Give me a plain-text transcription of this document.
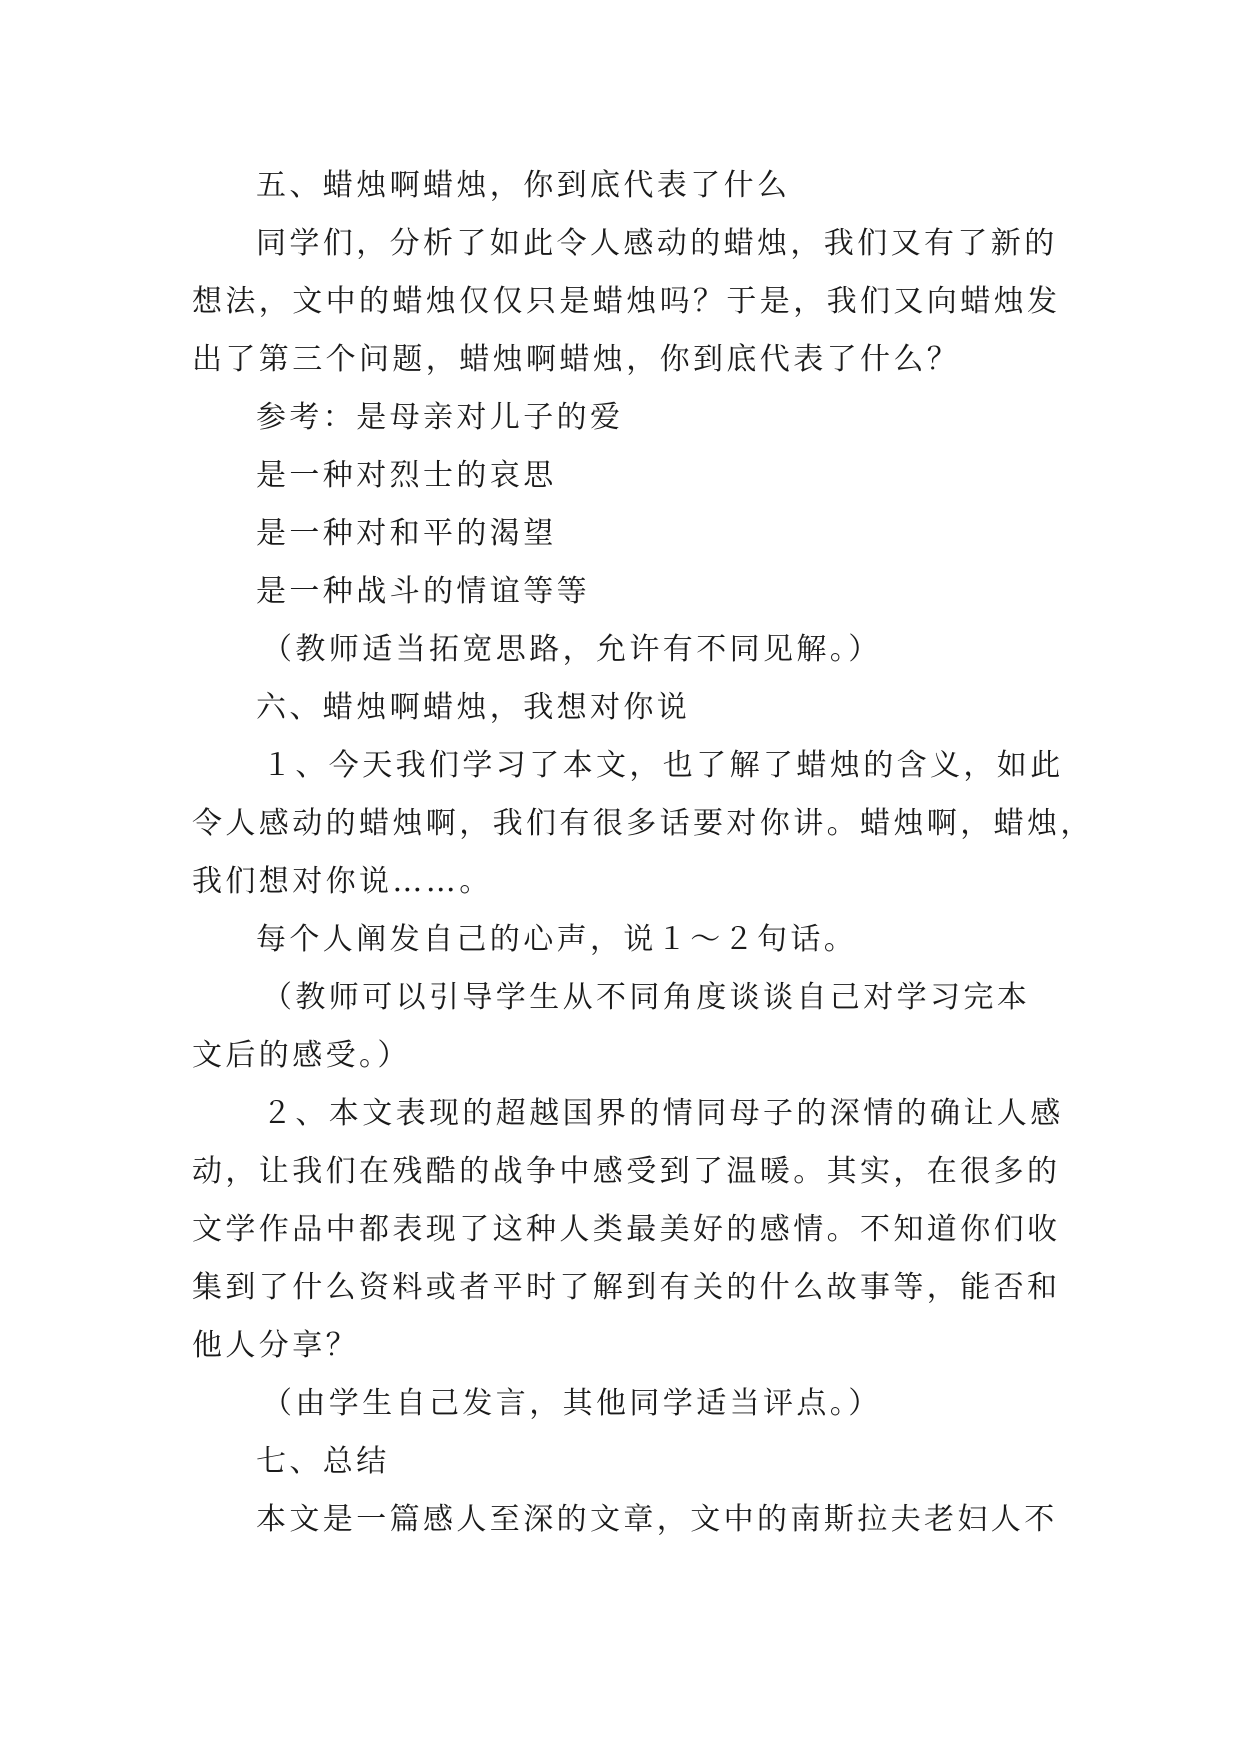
五、蜡烛啊蜡烛，你到底代表了什么
同学们，分析了如此令人感动的蜡烛，我们又有了新的
想法，文中的蜡烛仅仅只是蜡烛吗？于是，我们又向蜡烛发
出了第三个问题，蜡烛啊蜡烛，你到底代表了什么？
参考：是母亲对儿子的爱
是一种对烈士的哀思
是一种对和平的渴望
是一种战斗的情谊等等
（教师适当拓宽思路，允许有不同见解。）
六、蜡烛啊蜡烛，我想对你说
１、今天我们学习了本文，也了解了蜡烛的含义，如此
令人感动的蜡烛啊，我们有很多话要对你讲。蜡烛啊，蜡烛，
我们想对你说……。
每个人阐发自己的心声，说１～２句话。
（教师可以引导学生从不同角度谈谈自己对学习完本
文后的感受。）
２、本文表现的超越国界的情同母子的深情的确让人感
动，让我们在残酷的战争中感受到了温暖。其实，在很多的
文学作品中都表现了这种人类最美好的感情。不知道你们收
集到了什么资料或者平时了解到有关的什么故事等，能否和
他人分享？
（由学生自己发言，其他同学适当评点。）
七、总结
本文是一篇感人至深的文章，文中的南斯拉夫老妇人不
